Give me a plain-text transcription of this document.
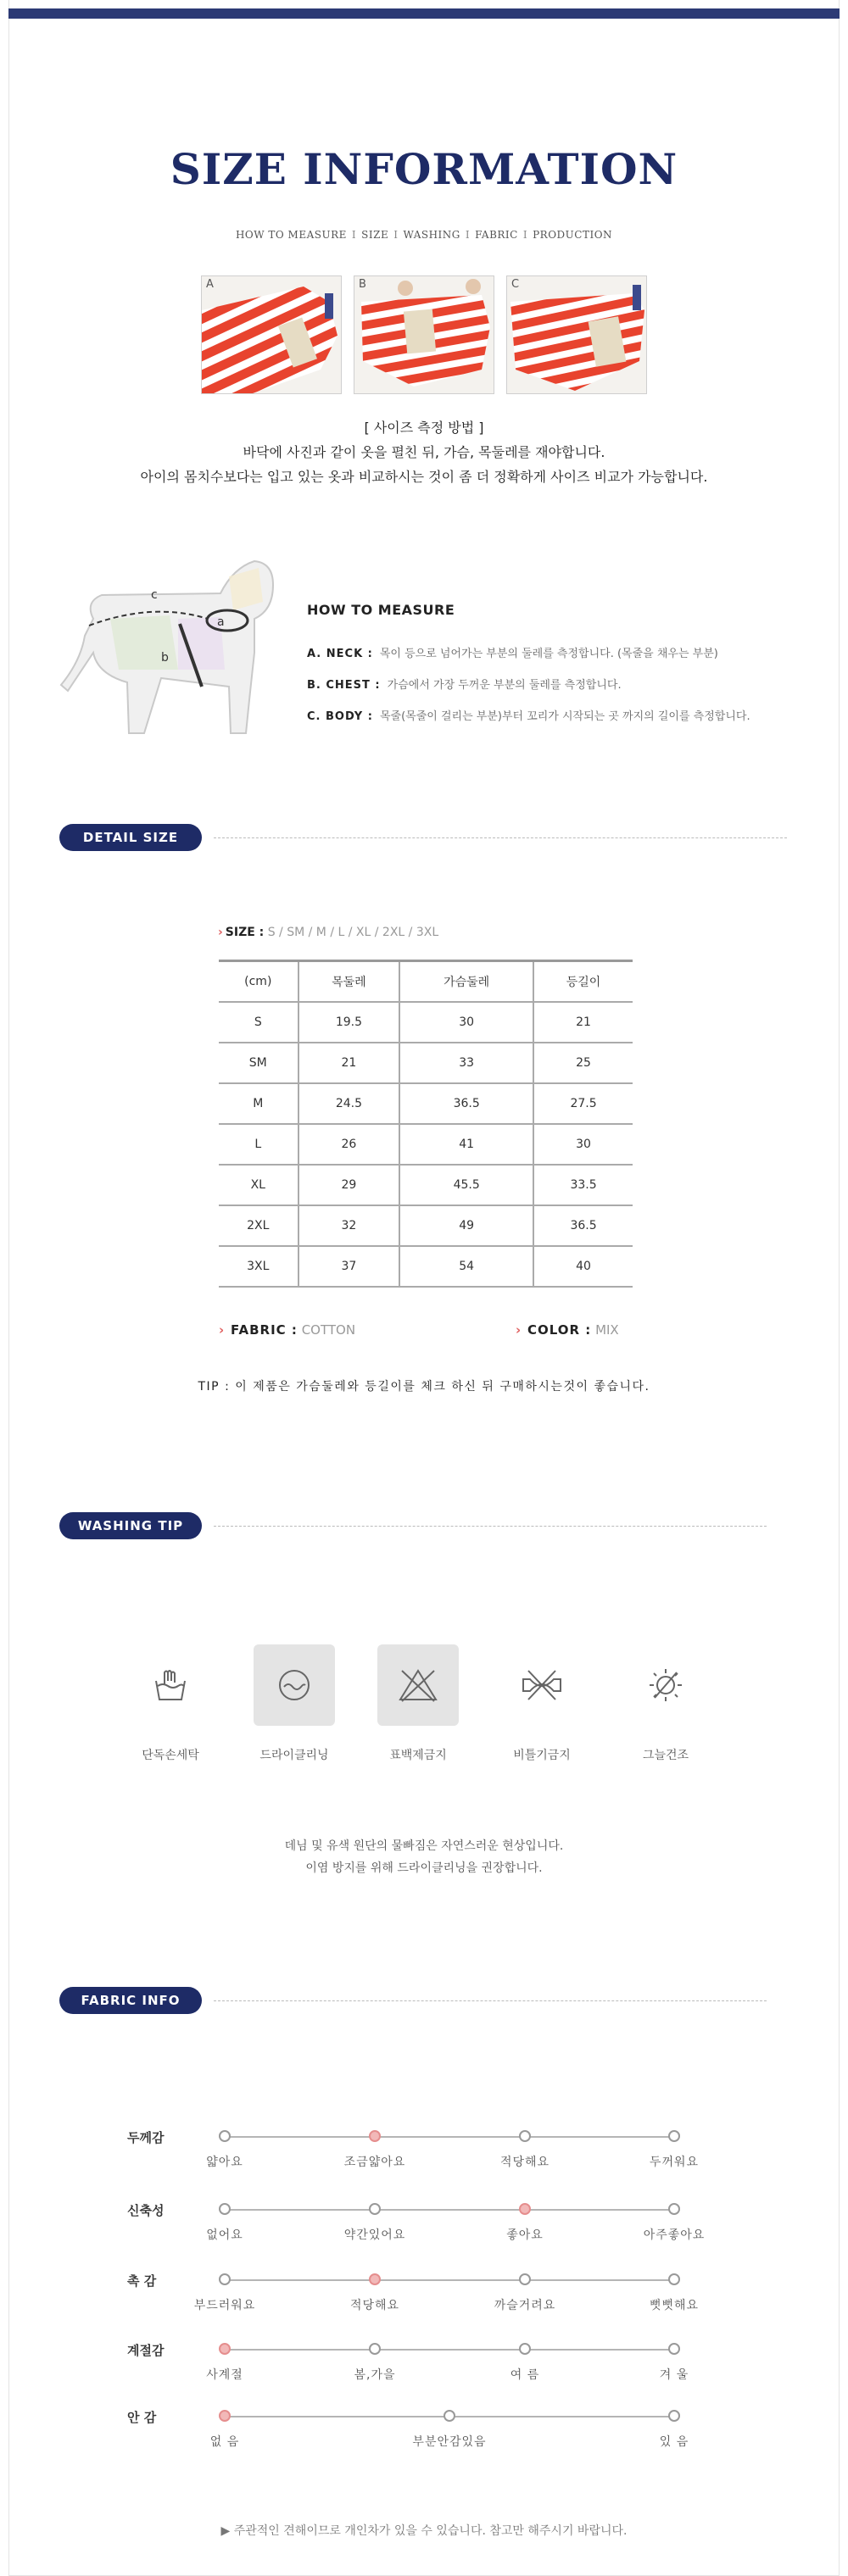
SIZE INFORMATION
HOW TO MEASURE I SIZE I WASHING I FABRIC I PRODUCTION
A	B	C
[ 사이즈 측정 방법 ]
바닥에 사진과 같이 옷을 펼친 뒤, 가슴, 목둘레를 재야합니다.
아이의 몸치수보다는 입고 있는 옷과 비교하시는 것이 좀 더 정확하게 사이즈 비교가 가능합니다.
c
a
b
HOW TO MEASURE
A. NECK : 목이 등으로 넘어가는 부분의 둘레를 측정합니다. (목줄을 채우는 부분)
B. CHEST : 가슴에서 가장 두꺼운 부분의 둘레를 측정합니다.
C. BODY : 목줄(목줄이 걸리는 부분)부터 꼬리가 시작되는 곳 까지의 길이를 측정합니다.
DETAIL SIZE
› SIZE : S / SM / M / L / XL / 2XL / 3XL
(cm)	목둘레	가슴둘레	등길이
S	19.5	30	21
SM	21	33	25
M	24.5	36.5	27.5
L	26	41	30
XL	29	45.5	33.5
2XL	32	49	36.5
3XL	37	54	40
› FABRIC : COTTON	› COLOR : MIX
TIP : 이 제품은 가슴둘레와 등길이를 체크 하신 뒤 구매하시는것이 좋습니다.
WASHING TIP
단독손세탁	드라이클리닝	표백제금지	비틀기금지	그늘건조
데님 및 유색 원단의 물빠짐은 자연스러운 현상입니다.
이염 방지를 위해 드라이클리닝을 권장합니다.
FABRIC INFO
두께감
얇아요	조금얇아요	적당해요	두꺼워요
신축성
없어요	약간있어요	좋아요	아주좋아요
촉 감
부드러워요	적당해요	까슬거려요	뻣뻣해요
계절감
사계절	봄,가을	여 름	겨 울
안 감
없 음	부분안감있음	있 음
▶ 주관적인 견해이므로 개인차가 있을 수 있습니다. 참고만 해주시기 바랍니다.
